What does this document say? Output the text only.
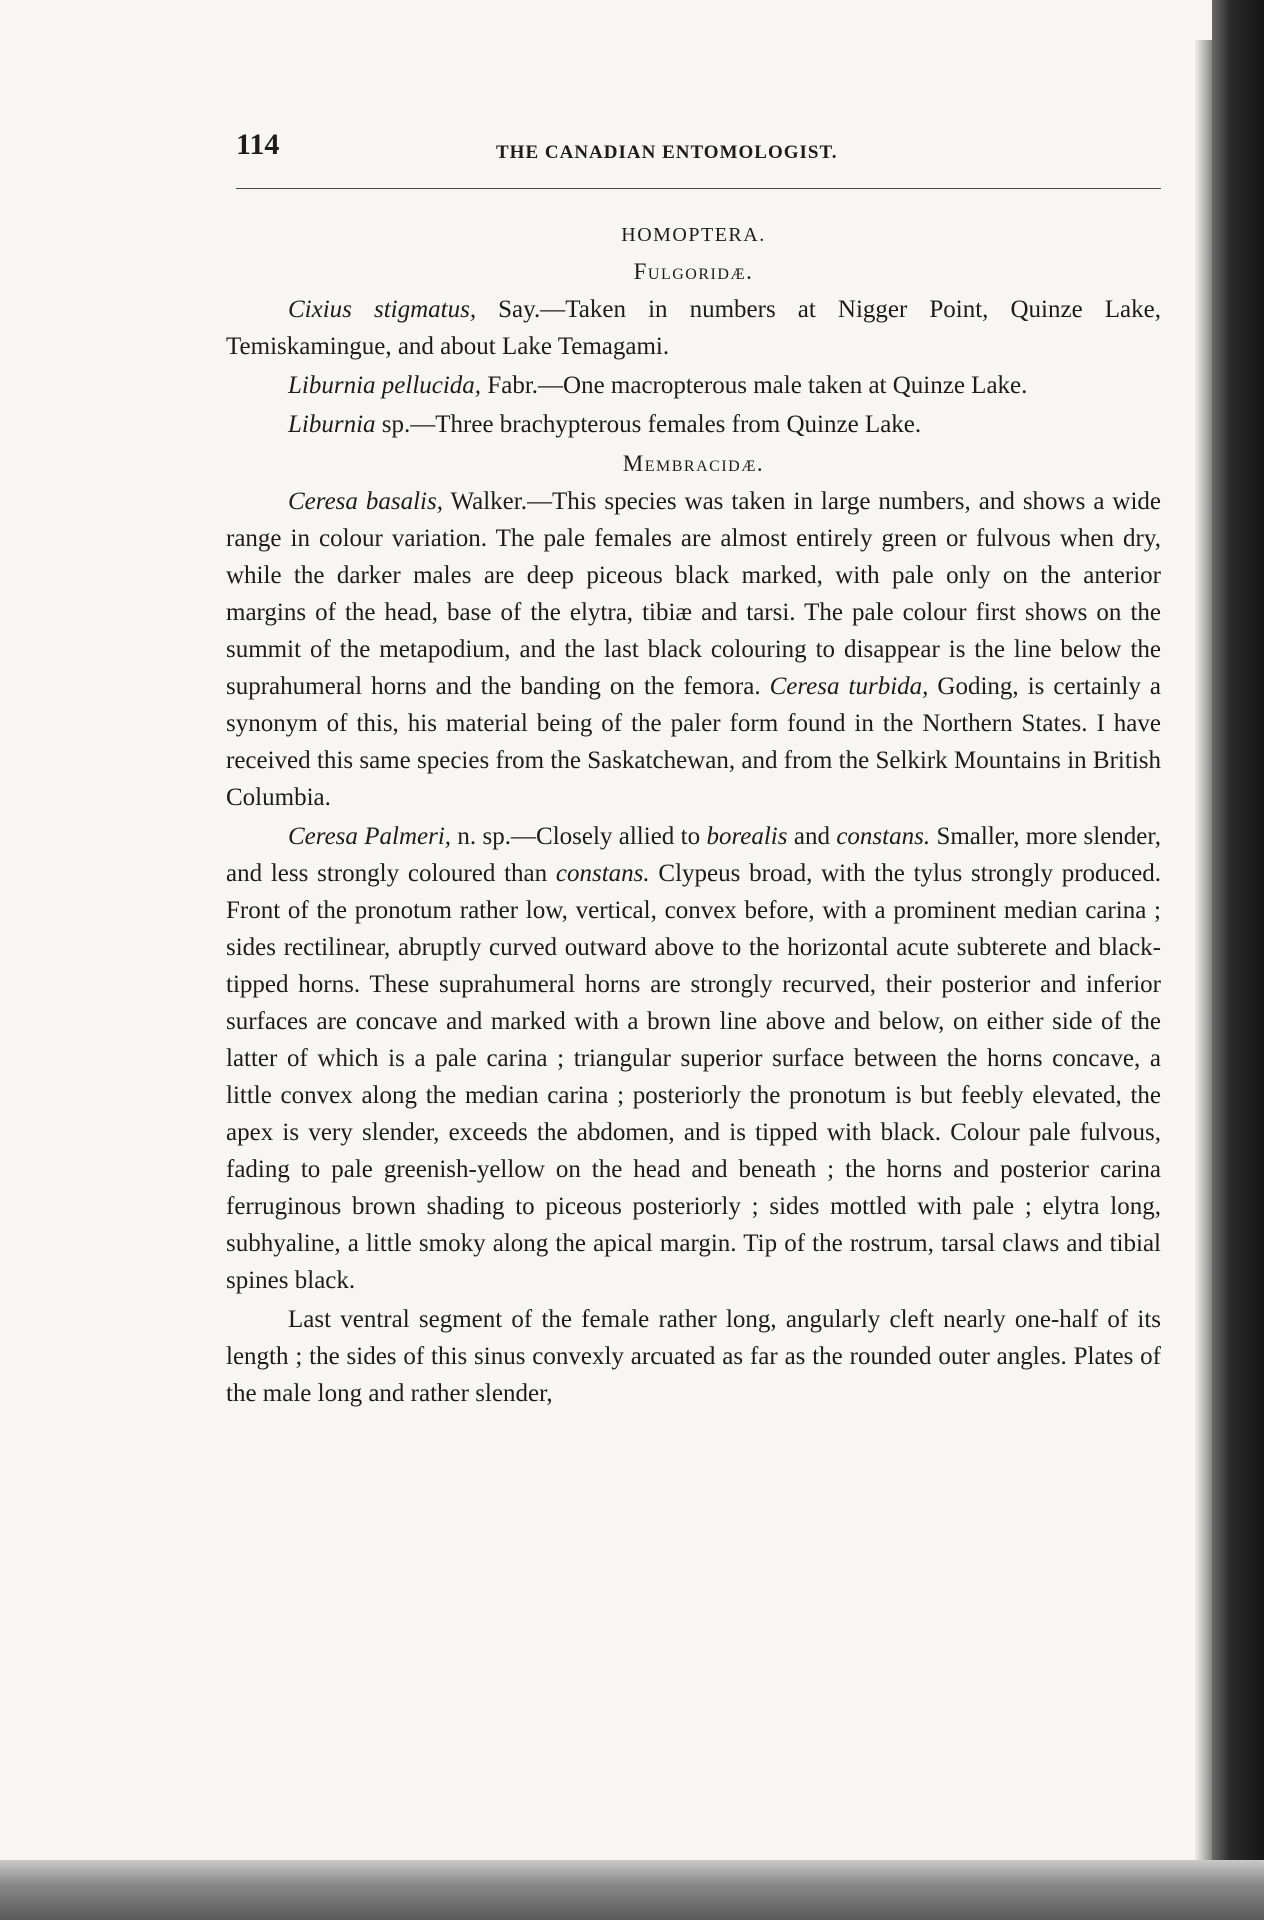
114	THE CANADIAN ENTOMOLOGIST.
HOMOPTERA.
Fulgoridæ.

Cixius stigmatus, Say.—Taken in numbers at Nigger Point, Quinze Lake, Temiskamingue, and about Lake Temagami.

Liburnia pellucida, Fabr.—One macropterous male taken at Quinze Lake.

Liburnia sp.—Three brachypterous females from Quinze Lake.

Membracidæ.

Ceresa basalis, Walker.—This species was taken in large numbers, and shows a wide range in colour variation. The pale females are almost entirely green or fulvous when dry, while the darker males are deep piceous black marked, with pale only on the anterior margins of the head, base of the elytra, tibiæ and tarsi. The pale colour first shows on the summit of the metapodium, and the last black colouring to disappear is the line below the suprahumeral horns and the banding on the femora. Ceresa turbida, Goding, is certainly a synonym of this, his material being of the paler form found in the Northern States. I have received this same species from the Saskatchewan, and from the Selkirk Mountains in British Columbia.

Ceresa Palmeri, n. sp.—Closely allied to borealis and constans. Smaller, more slender, and less strongly coloured than constans. Clypeus broad, with the tylus strongly produced. Front of the pronotum rather low, vertical, convex before, with a prominent median carina ; sides rectilinear, abruptly curved outward above to the horizontal acute subterete and black-tipped horns. These suprahumeral horns are strongly recurved, their posterior and inferior surfaces are concave and marked with a brown line above and below, on either side of the latter of which is a pale carina ; triangular superior surface between the horns concave, a little convex along the median carina ; posteriorly the pronotum is but feebly elevated, the apex is very slender, exceeds the abdomen, and is tipped with black. Colour pale fulvous, fading to pale greenish-yellow on the head and beneath ; the horns and posterior carina ferruginous brown shading to piceous posteriorly ; sides mottled with pale ; elytra long, subhyaline, a little smoky along the apical margin. Tip of the rostrum, tarsal claws and tibial spines black.

Last ventral segment of the female rather long, angularly cleft nearly one-half of its length ; the sides of this sinus convexly arcuated as far as the rounded outer angles. Plates of the male long and rather slender,
